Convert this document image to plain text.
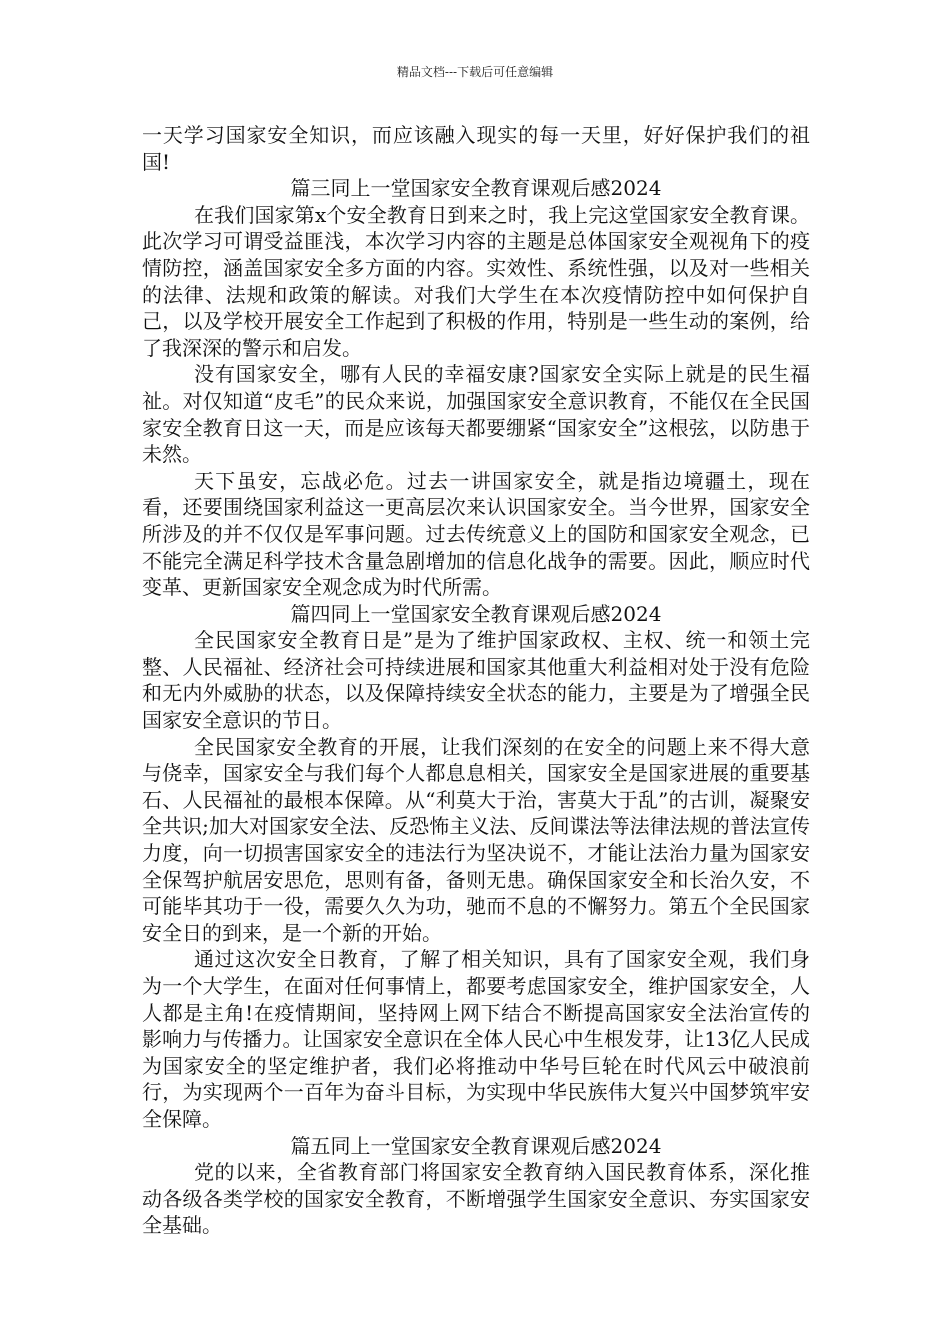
精品文档---下载后可任意编辑

一天学习国家安全知识，而应该融入现实的每一天里，好好保护我们的祖国!

篇三同上一堂国家安全教育课观后感2024

在我们国家第x个安全教育日到来之时，我上完这堂国家安全教育课。此次学习可谓受益匪浅，本次学习内容的主题是总体国家安全观视角下的疫情防控，涵盖国家安全多方面的内容。实效性、系统性强，以及对一些相关的法律、法规和政策的解读。对我们大学生在本次疫情防控中如何保护自己，以及学校开展安全工作起到了积极的作用，特别是一些生动的案例，给了我深深的警示和启发。

没有国家安全，哪有人民的幸福安康?国家安全实际上就是的民生福祉。对仅知道“皮毛”的民众来说，加强国家安全意识教育，不能仅在全民国家安全教育日这一天，而是应该每天都要绷紧“国家安全”这根弦，以防患于未然。

天下虽安，忘战必危。过去一讲国家安全，就是指边境疆土，现在看，还要围绕国家利益这一更高层次来认识国家安全。当今世界，国家安全所涉及的并不仅仅是军事问题。过去传统意义上的国防和国家安全观念，已不能完全满足科学技术含量急剧增加的信息化战争的需要。因此，顺应时代变革、更新国家安全观念成为时代所需。

篇四同上一堂国家安全教育课观后感2024

全民国家安全教育日是”是为了维护国家政权、主权、统一和领土完整、人民福祉、经济社会可持续进展和国家其他重大利益相对处于没有危险和无内外威胁的状态，以及保障持续安全状态的能力，主要是为了增强全民国家安全意识的节日。

全民国家安全教育的开展，让我们深刻的在安全的问题上来不得大意与侥幸，国家安全与我们每个人都息息相关，国家安全是国家进展的重要基石、人民福祉的最根本保障。从“利莫大于治，害莫大于乱”的古训，凝聚安全共识;加大对国家安全法、反恐怖主义法、反间谍法等法律法规的普法宣传力度，向一切损害国家安全的违法行为坚决说不，才能让法治力量为国家安全保驾护航居安思危，思则有备，备则无患。确保国家安全和长治久安，不可能毕其功于一役，需要久久为功，驰而不息的不懈努力。第五个全民国家安全日的到来，是一个新的开始。

通过这次安全日教育，了解了相关知识，具有了国家安全观，我们身为一个大学生，在面对任何事情上，都要考虑国家安全，维护国家安全，人人都是主角!在疫情期间，坚持网上网下结合不断提高国家安全法治宣传的影响力与传播力。让国家安全意识在全体人民心中生根发芽，让13亿人民成为国家安全的坚定维护者，我们必将推动中华号巨轮在时代风云中破浪前行，为实现两个一百年为奋斗目标，为实现中华民族伟大复兴中国梦筑牢安全保障。

篇五同上一堂国家安全教育课观后感2024

党的以来，全省教育部门将国家安全教育纳入国民教育体系，深化推动各级各类学校的国家安全教育，不断增强学生国家安全意识、夯实国家安全基础。
